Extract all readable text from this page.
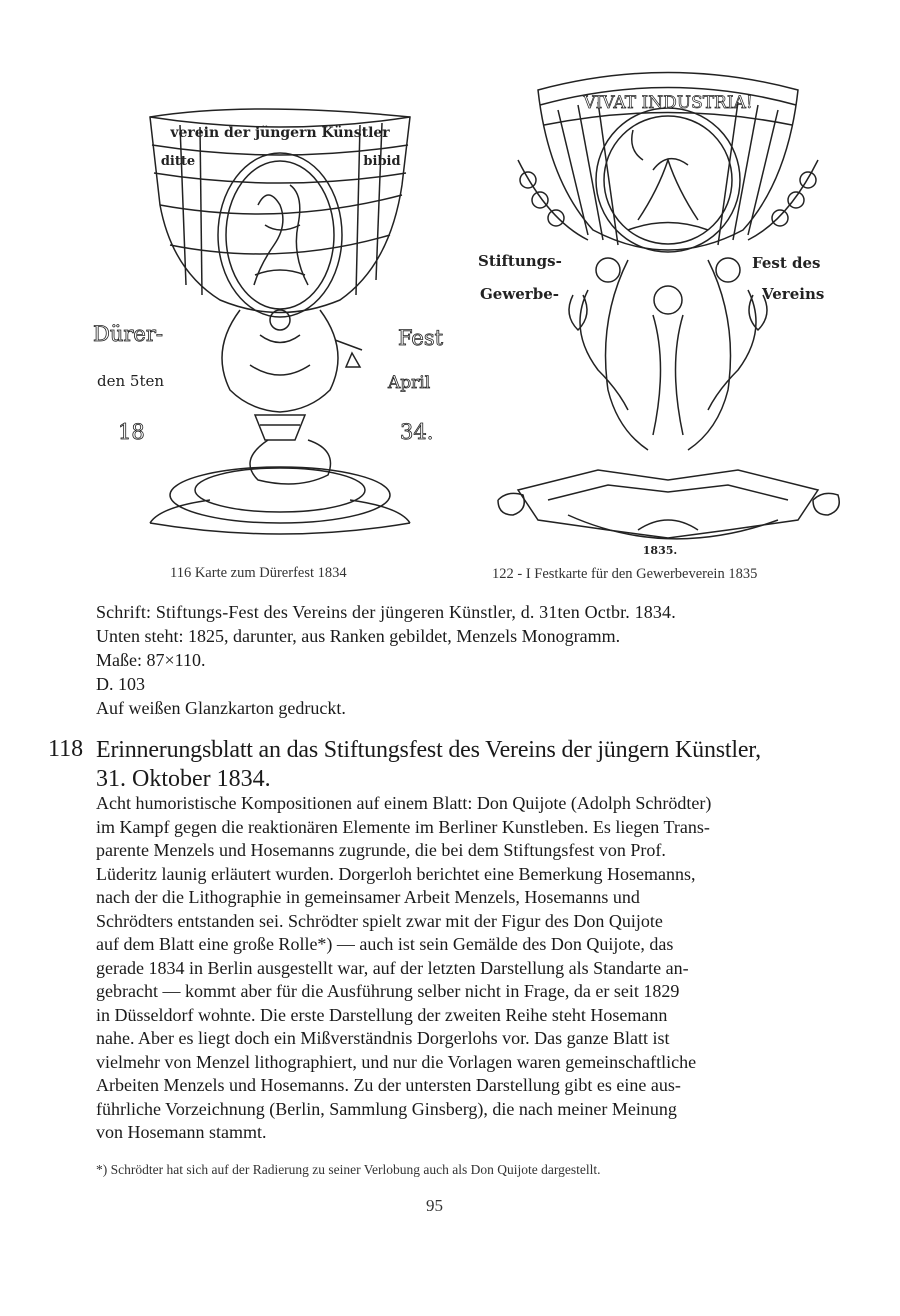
verein der jüngern Künstler
ditte	bibid
Dürer-
den 5ten
18
Fest
April
34.
VIVAT INDUSTRIA!
1835.
Stiftungs-
Gewerbe-
Fest des
Vereins
116 Karte zum Dürerfest 1834	122 - I Festkarte für den Gewerbeverein 1835
Schrift: Stiftungs-Fest des Vereins der jüngeren Künstler, d. 31ten Octbr. 1834.
Unten steht: 1825, darunter, aus Ranken gebildet, Menzels Monogramm.
Maße: 87×110.
D. 103
Auf weißen Glanzkarton gedruckt.
118 Erinnerungsblatt an das Stiftungsfest des Vereins der jüngern Künstler,
31. Oktober 1834.
Acht humoristische Kompositionen auf einem Blatt: Don Quijote (Adolph Schrödter)
im Kampf gegen die reaktionären Elemente im Berliner Kunstleben. Es liegen Trans-
parente Menzels und Hosemanns zugrunde, die bei dem Stiftungsfest von Prof.
Lüderitz launig erläutert wurden. Dorgerloh berichtet eine Bemerkung Hosemanns,
nach der die Lithographie in gemeinsamer Arbeit Menzels, Hosemanns und
Schrödters entstanden sei. Schrödter spielt zwar mit der Figur des Don Quijote
auf dem Blatt eine große Rolle*) — auch ist sein Gemälde des Don Quijote, das
gerade 1834 in Berlin ausgestellt war, auf der letzten Darstellung als Standarte an-
gebracht — kommt aber für die Ausführung selber nicht in Frage, da er seit 1829
in Düsseldorf wohnte. Die erste Darstellung der zweiten Reihe steht Hosemann
nahe. Aber es liegt doch ein Mißverständnis Dorgerlohs vor. Das ganze Blatt ist
vielmehr von Menzel lithographiert, und nur die Vorlagen waren gemeinschaftliche
Arbeiten Menzels und Hosemanns. Zu der untersten Darstellung gibt es eine aus-
führliche Vorzeichnung (Berlin, Sammlung Ginsberg), die nach meiner Meinung
von Hosemann stammt.
*) Schrödter hat sich auf der Radierung zu seiner Verlobung auch als Don Quijote dargestellt.
95
